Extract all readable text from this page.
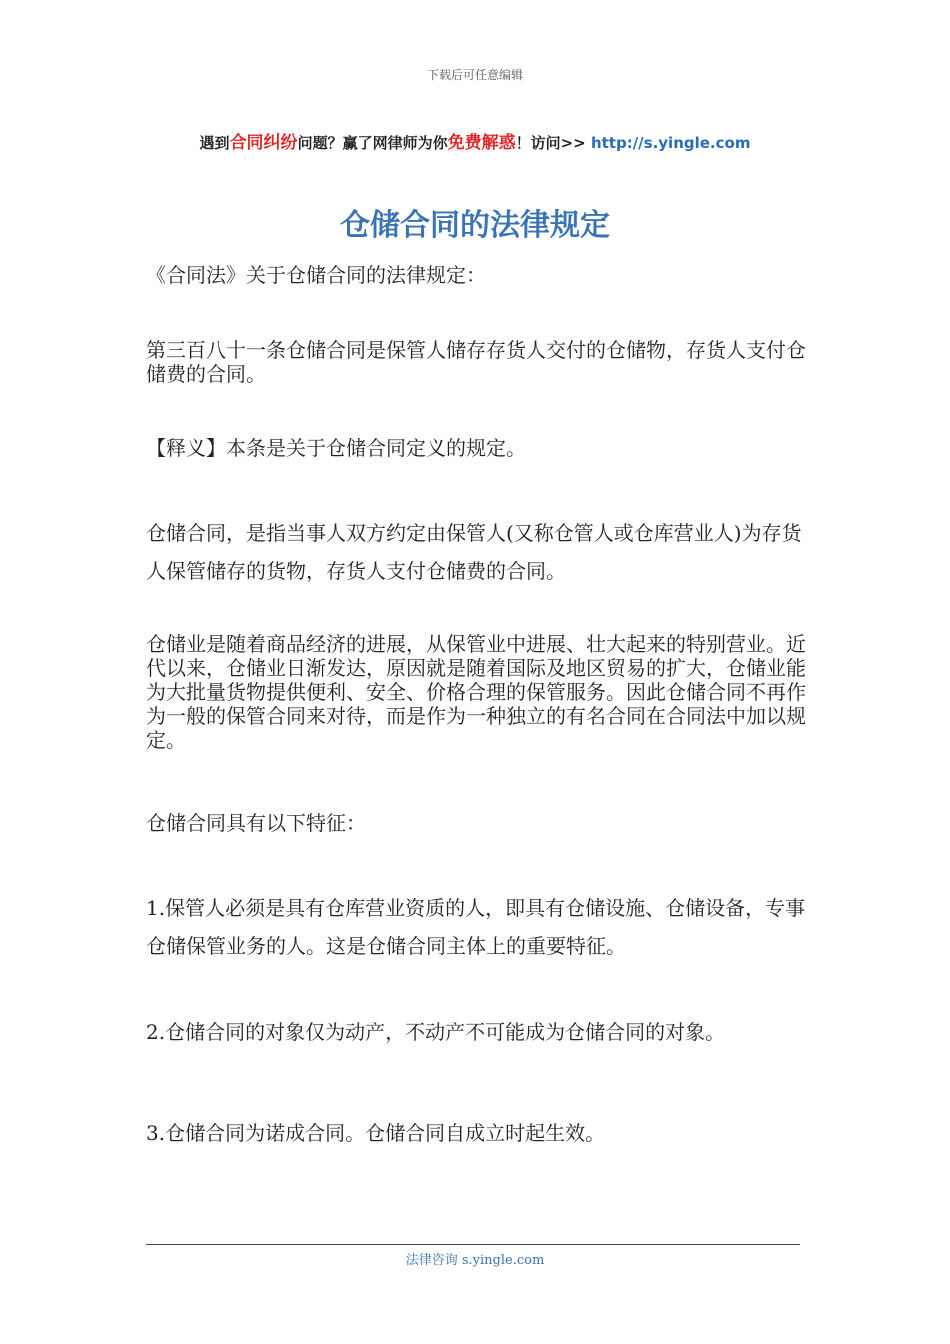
下载后可任意编辑
遇到合同纠纷问题？赢了网律师为你免费解惑！访问>> http://s.yingle.com
仓储合同的法律规定

《合同法》关于仓储合同的法律规定：

第三百八十一条仓储合同是保管人储存存货人交付的仓储物，存货人支付仓储费的合同。

【释义】本条是关于仓储合同定义的规定。

仓储合同，是指当事人双方约定由保管人(又称仓管人或仓库营业人)为存货人保管储存的货物，存货人支付仓储费的合同。

仓储业是随着商品经济的进展，从保管业中进展、壮大起来的特别营业。近代以来，仓储业日渐发达，原因就是随着国际及地区贸易的扩大，仓储业能为大批量货物提供便利、安全、价格合理的保管服务。因此仓储合同不再作为一般的保管合同来对待，而是作为一种独立的有名合同在合同法中加以规定。

仓储合同具有以下特征：

1.保管人必须是具有仓库营业资质的人，即具有仓储设施、仓储设备，专事仓储保管业务的人。这是仓储合同主体上的重要特征。

2.仓储合同的对象仅为动产，不动产不可能成为仓储合同的对象。

3.仓储合同为诺成合同。仓储合同自成立时起生效。

法律咨询 s.yingle.com
